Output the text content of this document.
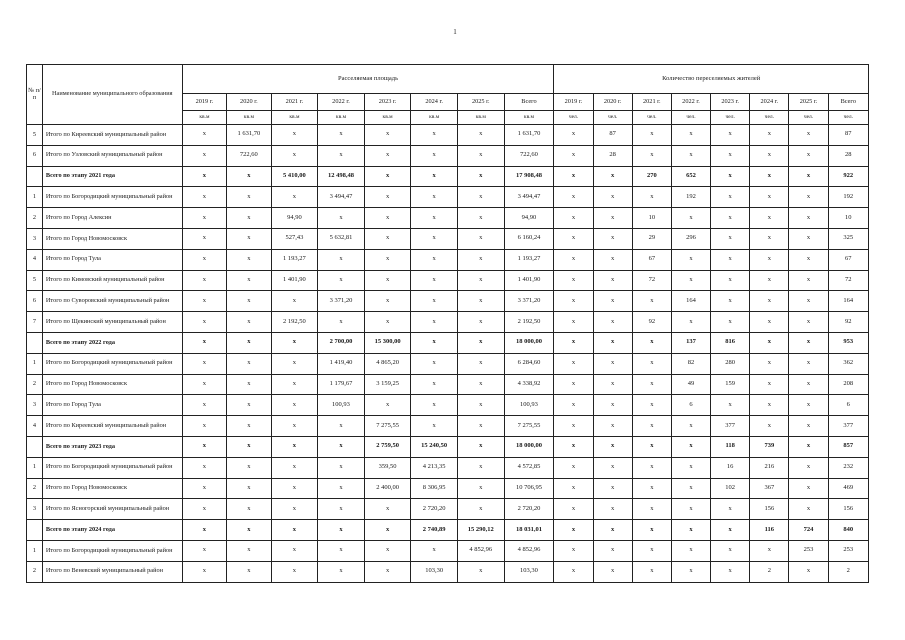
1
№ п/п	Наименование муниципального образования	Расселяемая площадь								Количество переселяемых жителей							
		2019 г.	2020 г.	2021 г.	2022 г.	2023 г.	2024 г.	2025 г.	Всего	2019 г.	2020 г.	2021 г.	2022 г.	2023 г.	2024 г.	2025 г.	Всего
		кв.м	кв.м	кв.м	кв.м	кв.м	кв.м	кв.м	кв.м	чел.	чел.	чел.	чел.	чел.	чел.	чел.	чел.
5	Итого по Киреевский муниципальный район	x	1 631,70	x	x	x	x	x	1 631,70	x	87	x	x	x	x	x	87
6	Итого по Узловский муниципальный район	x	722,60	x	x	x	x	x	722,60	x	28	x	x	x	x	x	28
	Всего по этапу 2021 года	x	x	5 410,00	12 498,48	x	x	x	17 908,48	x	x	270	652	x	x	x	922
1	Итого по Богородицкий муниципальный район	x	x	x	3 494,47	x	x	x	3 494,47	x	x	x	192	x	x	x	192
2	Итого по Город Алексин	x	x	94,90	x	x	x	x	94,90	x	x	10	x	x	x	x	10
3	Итого по Город Новомосковск	x	x	527,43	5 632,81	x	x	x	6 160,24	x	x	29	296	x	x	x	325
4	Итого по Город Тула	x	x	1 193,27	x	x	x	x	1 193,27	x	x	67	x	x	x	x	67
5	Итого по Кимовский муниципальный район	x	x	1 401,90	x	x	x	x	1 401,90	x	x	72	x	x	x	x	72
6	Итого по Суворовский муниципальный район	x	x	x	3 371,20	x	x	x	3 371,20	x	x	x	164	x	x	x	164
7	Итого по Щекинский муниципальный район	x	x	2 192,50	x	x	x	x	2 192,50	x	x	92	x	x	x	x	92
	Всего по этапу 2022 года	x	x	x	2 700,00	15 300,00	x	x	18 000,00	x	x	x	137	816	x	x	953
1	Итого по Богородицкий муниципальный район	x	x	x	1 419,40	4 865,20	x	x	6 284,60	x	x	x	82	280	x	x	362
2	Итого по Город Новомосковск	x	x	x	1 179,67	3 159,25	x	x	4 338,92	x	x	x	49	159	x	x	208
3	Итого по Город Тула	x	x	x	100,93	x	x	x	100,93	x	x	x	6	x	x	x	6
4	Итого по Киреевский муниципальный район	x	x	x	x	7 275,55	x	x	7 275,55	x	x	x	x	377	x	x	377
	Всего по этапу 2023 года	x	x	x	x	2 759,50	15 240,50	x	18 000,00	x	x	x	x	118	739	x	857
1	Итого по Богородицкий муниципальный район	x	x	x	x	359,50	4 213,35	x	4 572,85	x	x	x	x	16	216	x	232
2	Итого по Город Новомосковск	x	x	x	x	2 400,00	8 306,95	x	10 706,95	x	x	x	x	102	367	x	469
3	Итого по Ясногорский муниципальный район	x	x	x	x	x	2 720,20	x	2 720,20	x	x	x	x	x	156	x	156
	Всего по этапу 2024 года	x	x	x	x	x	2 740,89	15 290,12	18 031,01	x	x	x	x	x	116	724	840
1	Итого по Богородицкий муниципальный район	x	x	x	x	x	x	4 852,96	4 852,96	x	x	x	x	x	x	253	253
2	Итого по Веневский муниципальный район	x	x	x	x	x	103,30	x	103,30	x	x	x	x	x	2	x	2
